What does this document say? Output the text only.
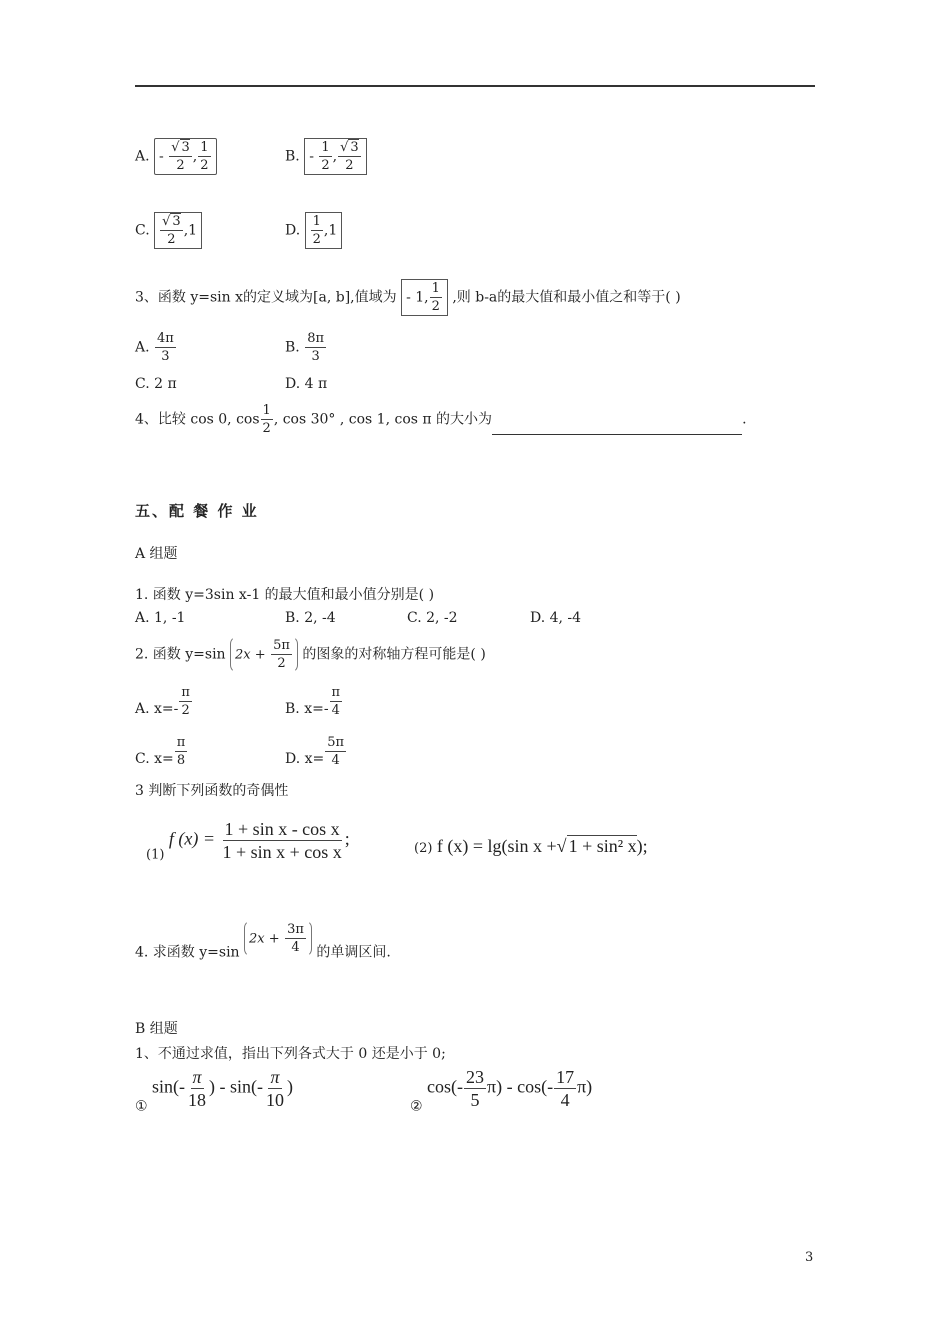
A. - $\frac{√ 3}{2}$ , $\frac{1}{2}$	B. - $\frac{1}{2}$ , $\frac{√ 3}{2}$
C. $\frac{√ 3}{2} ,1$	D. $\frac{1}{2} ,1$
3、函数 y=sin x的定义域为[a, b],值域为 - 1, $\frac{1}{2}$ ,则 b-a的最大值和最小值之和等于( )
A. $\frac{4\pi}{3}$	B. $\frac{8\pi}{3}$
C. 2 π	D. 4 π
4、比较 cos 0, $\cos \frac{1}{2}$ , cos 30° , cos 1, cos π 的大小为	.
五、配 餐 作 业
A 组题
1. 函数 y=3sin x-1 的最大值和最小值分别是( )
A. 1, -1	B. 2, -4	C. 2, -2	D. 4, -4
2. 函数 y=sin $2x + \frac{5\pi}{2}$ 的图象的对称轴方程可能是( )
A. $x=- \frac{\pi}{2}$	B. $x=- \frac{\pi}{4}$
C. $x= \frac{\pi}{8}$	D. $x= \frac{5\pi}{4}$
3 判断下列函数的奇偶性
(1) f $(x) = \frac{\text{1 + sin x - cos x}}{\text{1 + sin x + cos x}}$ ;	(2) f (x) = lg(sin x +√ 1 + sin² x);
4. 求函数 y=sin $2x + \frac{3\pi}{4}$ 的单调区间.
B 组题
1、不通过求值，指出下列各式大于 0 还是小于 0;
① $\sin(- \frac{\pi}{18}$ ) - $\sin(- \frac{\pi}{10}$ )
② $\cos(- \frac{23}{5} \pi) - \cos(- \frac{17}{4} \pi)$
3
